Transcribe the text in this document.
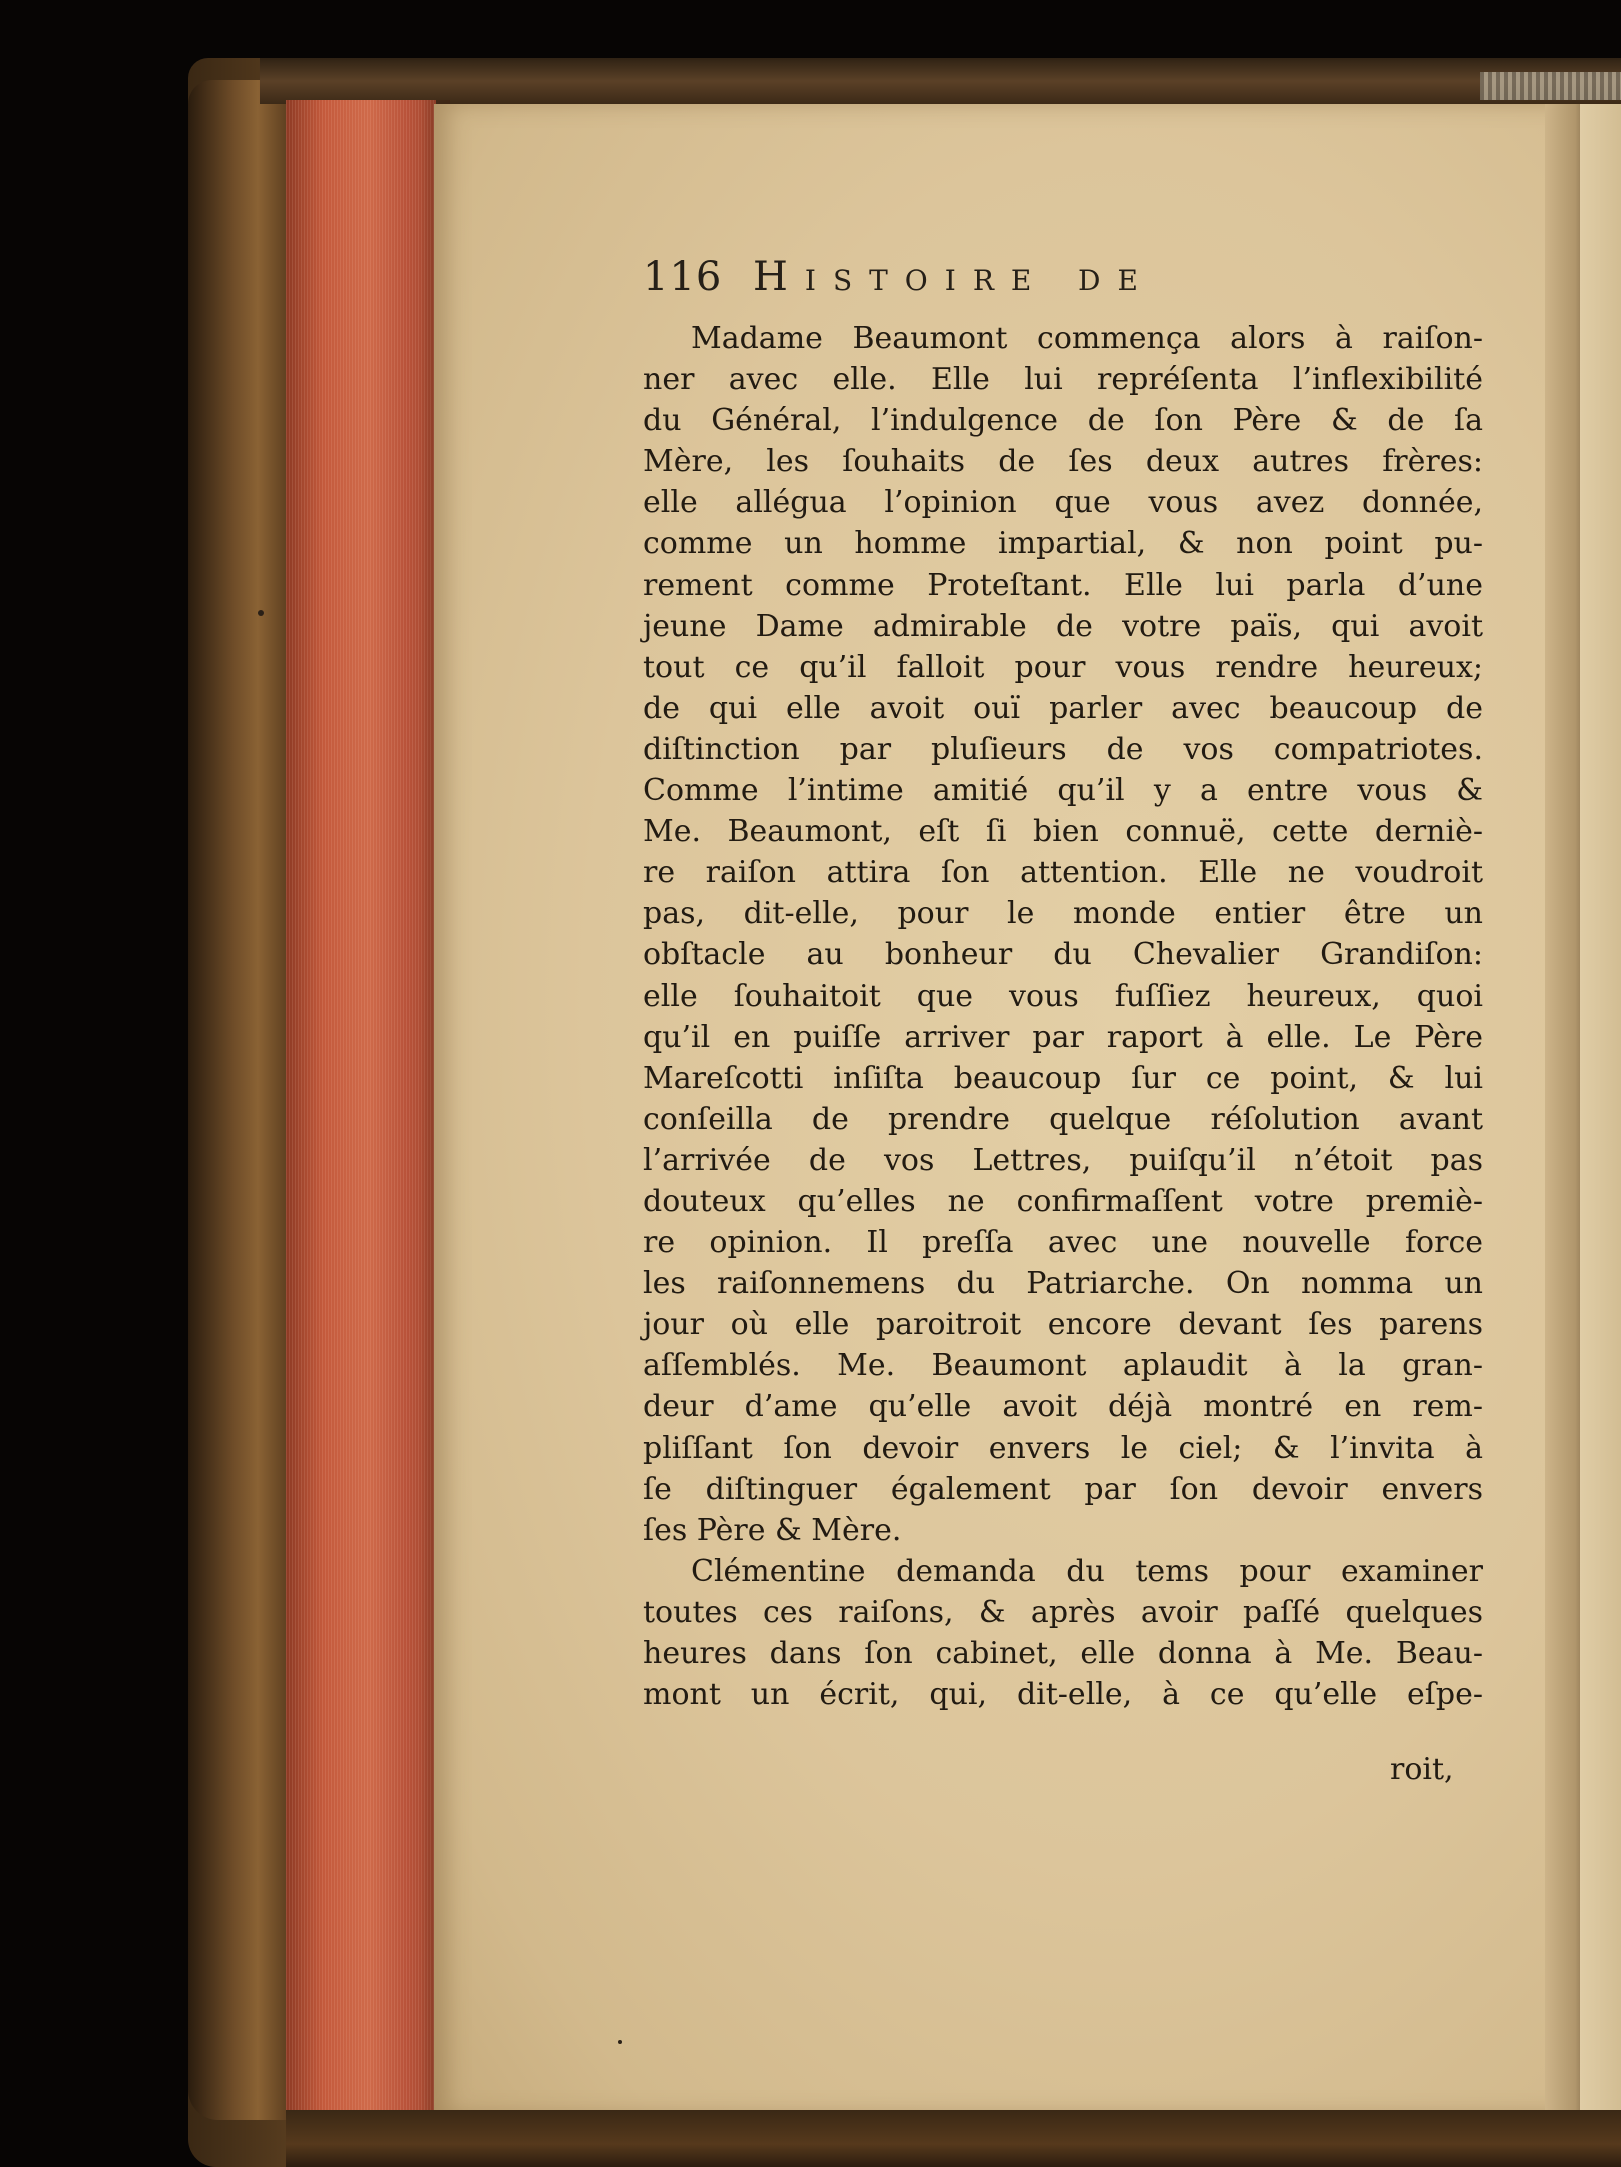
116 Histoire de
Madame Beaumont commença alors à raiſon-
ner avec elle. Elle lui repréſenta l’inflexibilité
du Général, l’indulgence de ſon Père & de ſa
Mère, les ſouhaits de ſes deux autres frères:
elle allégua l’opinion que vous avez donnée,
comme un homme impartial, & non point pu-
rement comme Proteſtant. Elle lui parla d’une
jeune Dame admirable de votre païs, qui avoit
tout ce qu’il falloit pour vous rendre heureux;
de qui elle avoit ouï parler avec beaucoup de
diſtinction par pluſieurs de vos compatriotes.
Comme l’intime amitié qu’il y a entre vous &
Me. Beaumont, eſt ſi bien connuë, cette derniè-
re raiſon attira ſon attention. Elle ne voudroit
pas, dit-elle, pour le monde entier être un
obſtacle au bonheur du Chevalier Grandiſon:
elle ſouhaitoit que vous fuſſiez heureux, quoi
qu’il en puiſſe arriver par raport à elle. Le Père
Mareſcotti inſiſta beaucoup ſur ce point, & lui
conſeilla de prendre quelque réſolution avant
l’arrivée de vos Lettres, puiſqu’il n’étoit pas
douteux qu’elles ne confirmaſſent votre premiè-
re opinion. Il preſſa avec une nouvelle force
les raiſonnemens du Patriarche. On nomma un
jour où elle paroitroit encore devant ſes parens
aſſemblés. Me. Beaumont aplaudit à la gran-
deur d’ame qu’elle avoit déjà montré en rem-
pliſſant ſon devoir envers le ciel; & l’invita à
ſe diſtinguer également par ſon devoir envers
ſes Père & Mère.
Clémentine demanda du tems pour examiner
toutes ces raiſons, & après avoir paſſé quelques
heures dans ſon cabinet, elle donna à Me. Beau-
mont un écrit, qui, dit-elle, à ce qu’elle eſpe-
roit,
